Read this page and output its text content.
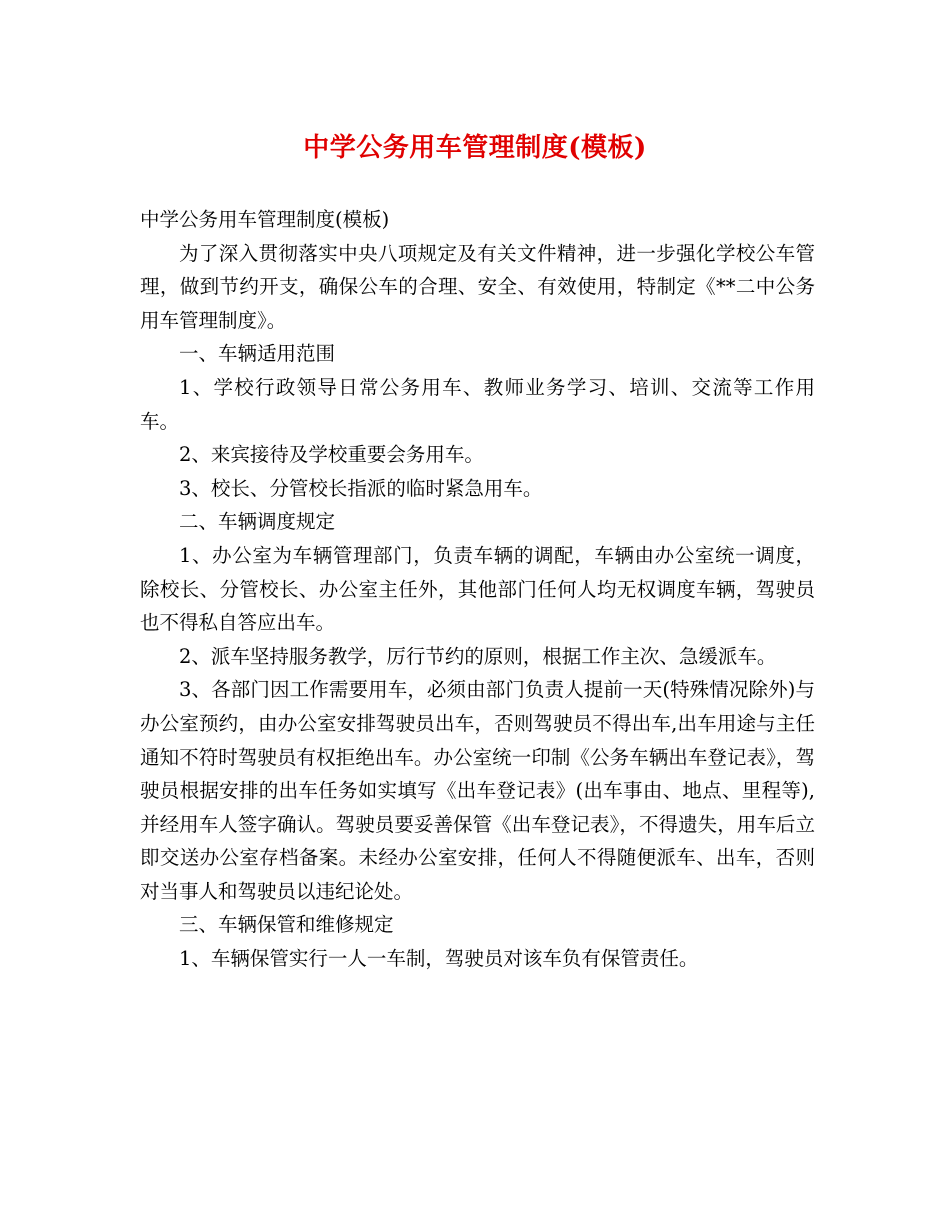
中学公务用车管理制度(模板)

中学公务用车管理制度(模板)

为了深入贯彻落实中央八项规定及有关文件精神，进一步强化学校公车管理，做到节约开支，确保公车的合理、安全、有效使用，特制定《**二中公务用车管理制度》。

一、车辆适用范围

1、学校行政领导日常公务用车、教师业务学习、培训、交流等工作用车。

2、来宾接待及学校重要会务用车。

3、校长、分管校长指派的临时紧急用车。

二、车辆调度规定

1、办公室为车辆管理部门，负责车辆的调配，车辆由办公室统一调度，除校长、分管校长、办公室主任外，其他部门任何人均无权调度车辆，驾驶员也不得私自答应出车。

2、派车坚持服务教学，厉行节约的原则，根据工作主次、急缓派车。

3、各部门因工作需要用车，必须由部门负责人提前一天(特殊情况除外)与办公室预约，由办公室安排驾驶员出车，否则驾驶员不得出车,出车用途与主任通知不符时驾驶员有权拒绝出车。办公室统一印制《公务车辆出车登记表》，驾驶员根据安排的出车任务如实填写《出车登记表》(出车事由、地点、里程等),并经用车人签字确认。驾驶员要妥善保管《出车登记表》，不得遗失，用车后立即交送办公室存档备案。未经办公室安排，任何人不得随便派车、出车，否则对当事人和驾驶员以违纪论处。

三、车辆保管和维修规定

1、车辆保管实行一人一车制，驾驶员对该车负有保管责任。
